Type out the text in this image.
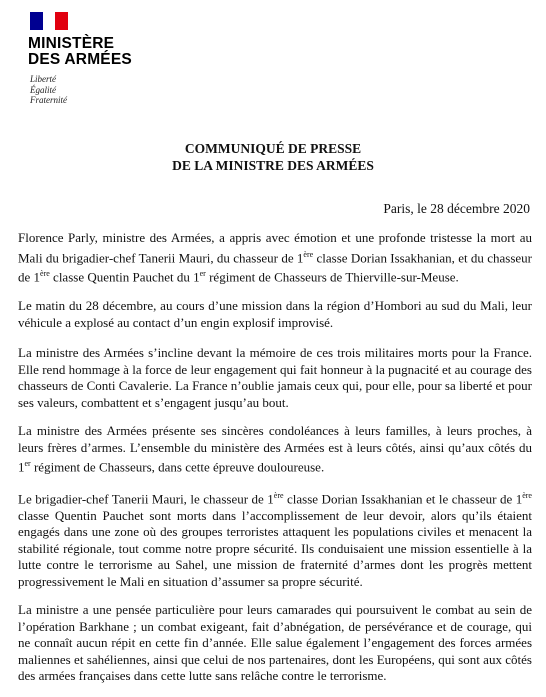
MINISTÈRE
DES ARMÉES
Liberté
Égalité
Fraternité
COMMUNIQUÉ DE PRESSE
DE LA MINISTRE DES ARMÉES
Paris, le 28 décembre 2020

Florence Parly, ministre des Armées, a appris avec émotion et une profonde tristesse la mort au Mali du brigadier-chef Tanerii Mauri, du chasseur de 1ère classe Dorian Issakhanian, et du chasseur de 1ère classe Quentin Pauchet du 1er régiment de Chasseurs de Thierville-sur-Meuse.

Le matin du 28 décembre, au cours d’une mission dans la région d’Hombori au sud du Mali, leur véhicule a explosé au contact d’un engin explosif improvisé.

La ministre des Armées s’incline devant la mémoire de ces trois militaires morts pour la France. Elle rend hommage à la force de leur engagement qui fait honneur à la pugnacité et au courage des chasseurs de Conti Cavalerie. La France n’oublie jamais ceux qui, pour elle, pour sa liberté et pour ses valeurs, combattent et s’engagent jusqu’au bout.

La ministre des Armées présente ses sincères condoléances à leurs familles, à leurs proches, à leurs frères d’armes. L’ensemble du ministère des Armées est à leurs côtés, ainsi qu’aux côtés du 1er régiment de Chasseurs, dans cette épreuve douloureuse.

Le brigadier-chef Tanerii Mauri, le chasseur de 1ère classe Dorian Issakhanian et le chasseur de 1ère classe Quentin Pauchet sont morts dans l’accomplissement de leur devoir, alors qu’ils étaient engagés dans une zone où des groupes terroristes attaquent les populations civiles et menacent la stabilité régionale, tout comme notre propre sécurité. Ils conduisaient une mission essentielle à la lutte contre le terrorisme au Sahel, une mission de fraternité d’armes dont les progrès mettent progressivement le Mali en situation d’assumer sa propre sécurité.

La ministre a une pensée particulière pour leurs camarades qui poursuivent le combat au sein de l’opération Barkhane ; un combat exigeant, fait d’abnégation, de persévérance et de courage, qui ne connaît aucun répit en cette fin d’année. Elle salue également l’engagement des forces armées maliennes et sahéliennes, ainsi que celui de nos partenaires, dont les Européens, qui sont aux côtés des armées françaises dans cette lutte sans relâche contre le terrorisme.
